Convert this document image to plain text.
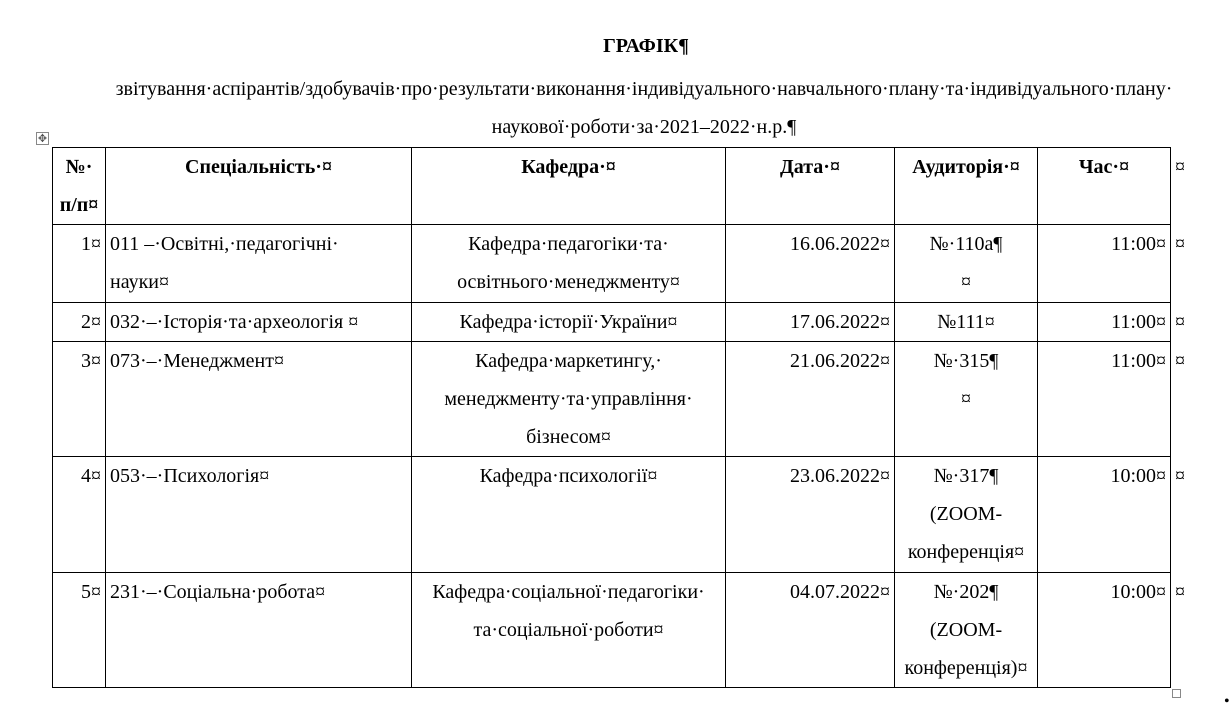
ГРАФІК¶
звітування·аспірантів/здобувачів·про·результати·виконання·індивідуального·навчального·плану·та·індивідуального·плану·
наукової·роботи·за·2021–2022·н.р.¶
✥
№·
п/п¤	Спеціальність·¤	Кафедра·¤	Дата·¤	Аудиторія·¤	Час·¤	¤
1¤	011 –·Освітні,·педагогічні·
науки¤	Кафедра·педагогіки·та·
освітнього·менеджменту¤	16.06.2022¤	№·110а¶
¤	11:00¤	¤
2¤	032·–·Історія·та·археологія ¤	Кафедра·історії·України¤	17.06.2022¤	№111¤	11:00¤	¤
3¤	073·–·Менеджмент¤	Кафедра·маркетингу,·
менеджменту·та·управління·
бізнесом¤	21.06.2022¤	№·315¶
¤	11:00¤	¤
4¤	053·–·Психологія¤	Кафедра·психології¤	23.06.2022¤	№·317¶
(ZOOM-
конференція¤	10:00¤	¤
5¤	231·–·Соціальна·робота¤	Кафедра·соціальної·педагогіки·
та·соціальної·роботи¤	04.07.2022¤	№·202¶
(ZOOM-
конференція)¤	10:00¤	¤
•
